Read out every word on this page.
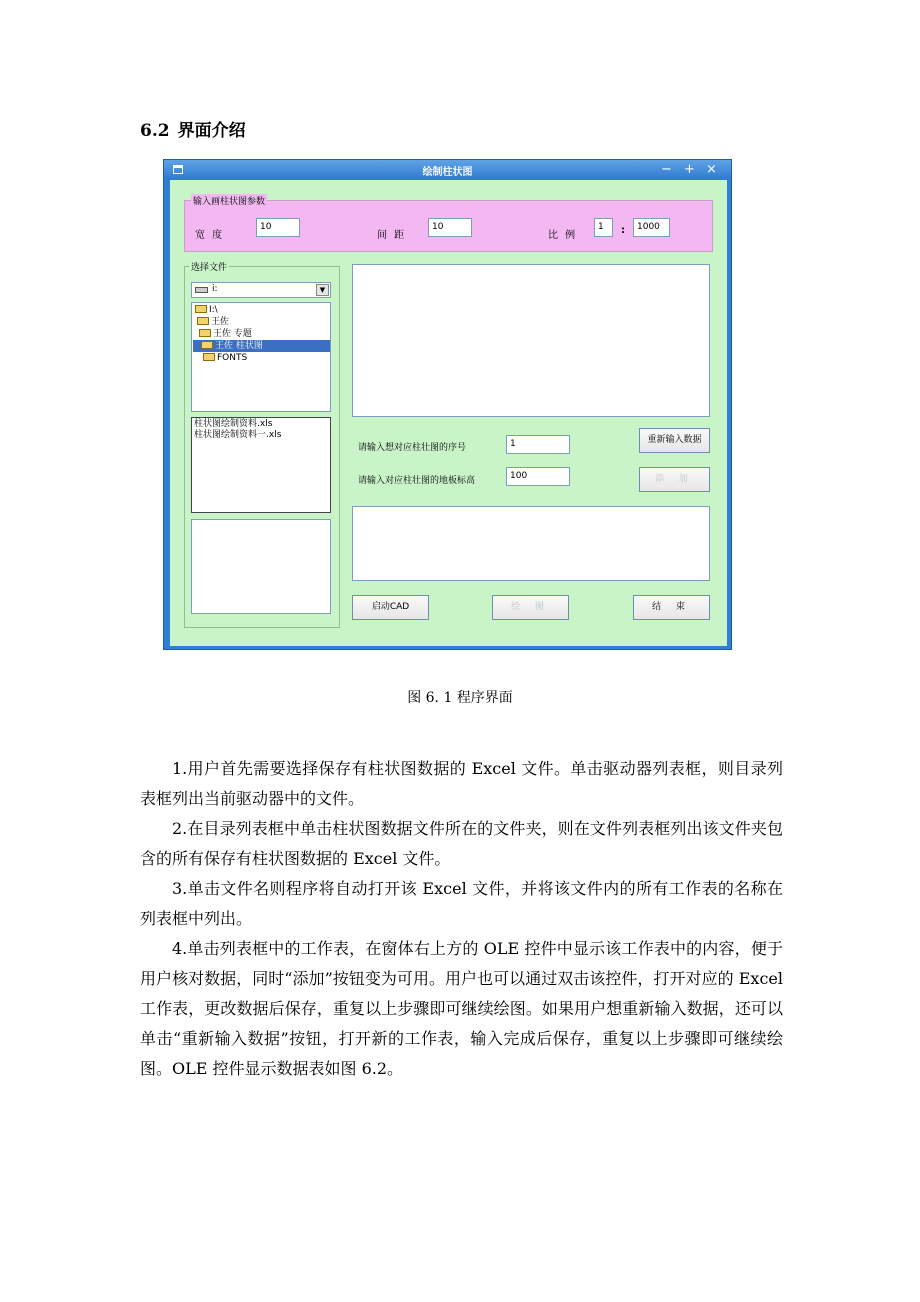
6.2 界面介绍
绘制柱状图	− + ×
输入画柱状图参数
宽 度
10
间 距
10
比 例
1	:	1000
选择文件
i:	▼
I:\
王佐
王佐 专题
王佐 柱状图
FONTS
柱状图绘制资料.xls
柱状图绘制资料一.xls
请输入想对应柱壮图的序号	1
请输入对应柱壮图的地板标高	100
重新输入数据
添 加
启动CAD	绘 图	结 束
图 6. 1 程序界面

1.用户首先需要选择保存有柱状图数据的 Excel 文件。单击驱动器列表框，则目录列表框列出当前驱动器中的文件。

2.在目录列表框中单击柱状图数据文件所在的文件夹，则在文件列表框列出该文件夹包含的所有保存有柱状图数据的 Excel 文件。

3.单击文件名则程序将自动打开该 Excel 文件，并将该文件内的所有工作表的名称在列表框中列出。

4.单击列表框中的工作表，在窗体右上方的 OLE 控件中显示该工作表中的内容，便于用户核对数据，同时“添加”按钮变为可用。用户也可以通过双击该控件，打开对应的 Excel 工作表，更改数据后保存，重复以上步骤即可继续绘图。如果用户想重新输入数据，还可以单击“重新输入数据”按钮，打开新的工作表，输入完成后保存，重复以上步骤即可继续绘图。OLE 控件显示数据表如图 6.2。
